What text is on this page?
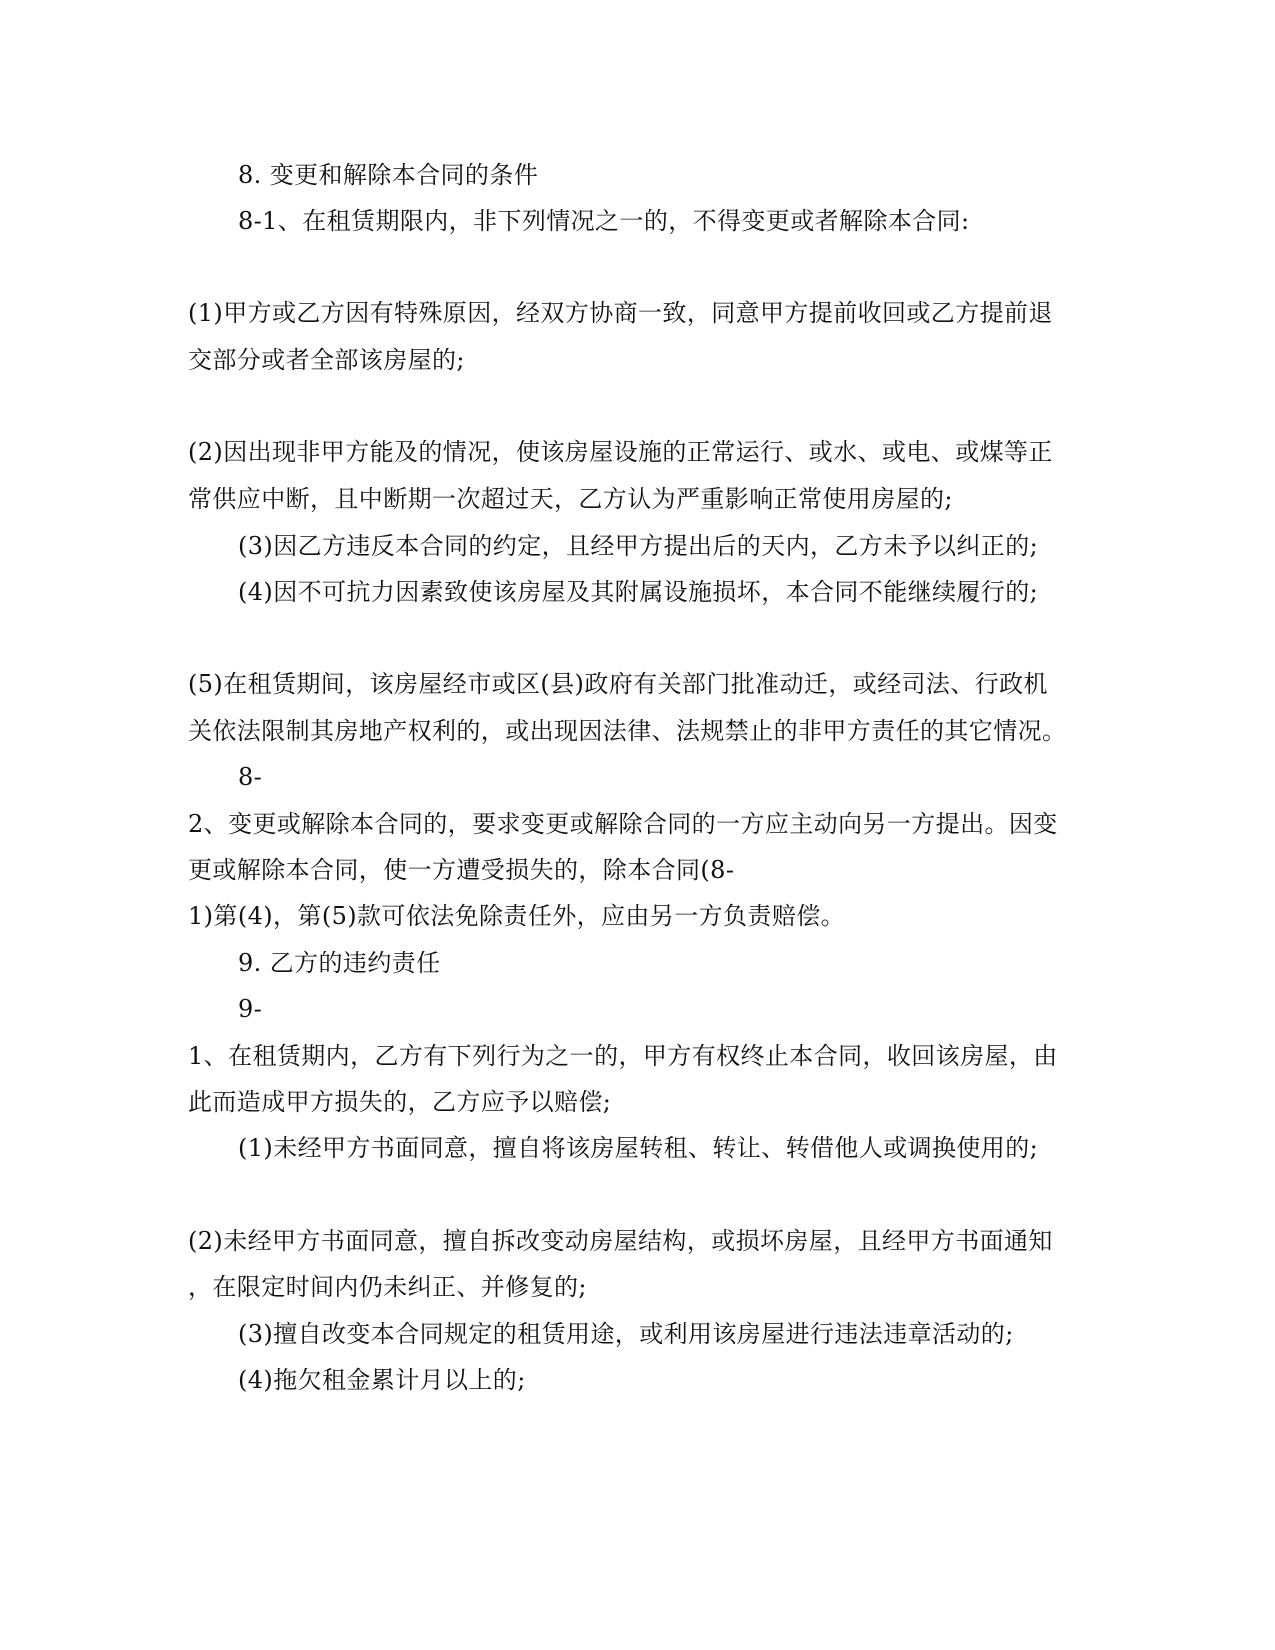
8. 变更和解除本合同的条件
8-1、在租赁期限内，非下列情况之一的，不得变更或者解除本合同:
(1)甲方或乙方因有特殊原因，经双方协商一致，同意甲方提前收回或乙方提前退
交部分或者全部该房屋的;
(2)因出现非甲方能及的情况，使该房屋设施的正常运行、或水、或电、或煤等正
常供应中断，且中断期一次超过天，乙方认为严重影响正常使用房屋的;
(3)因乙方违反本合同的约定，且经甲方提出后的天内，乙方未予以纠正的;
(4)因不可抗力因素致使该房屋及其附属设施损坏，本合同不能继续履行的;
(5)在租赁期间，该房屋经市或区(县)政府有关部门批准动迁，或经司法、行政机
关依法限制其房地产权利的，或出现因法律、法规禁止的非甲方责任的其它情况。
8-
2、变更或解除本合同的，要求变更或解除合同的一方应主动向另一方提出。因变
更或解除本合同，使一方遭受损失的，除本合同(8-
1)第(4)，第(5)款可依法免除责任外，应由另一方负责赔偿。
9. 乙方的违约责任
9-
1、在租赁期内，乙方有下列行为之一的，甲方有权终止本合同，收回该房屋，由
此而造成甲方损失的，乙方应予以赔偿;
(1)未经甲方书面同意，擅自将该房屋转租、转让、转借他人或调换使用的;
(2)未经甲方书面同意，擅自拆改变动房屋结构，或损坏房屋，且经甲方书面通知
，在限定时间内仍未纠正、并修复的;
(3)擅自改变本合同规定的租赁用途，或利用该房屋进行违法违章活动的;
(4)拖欠租金累计月以上的;
